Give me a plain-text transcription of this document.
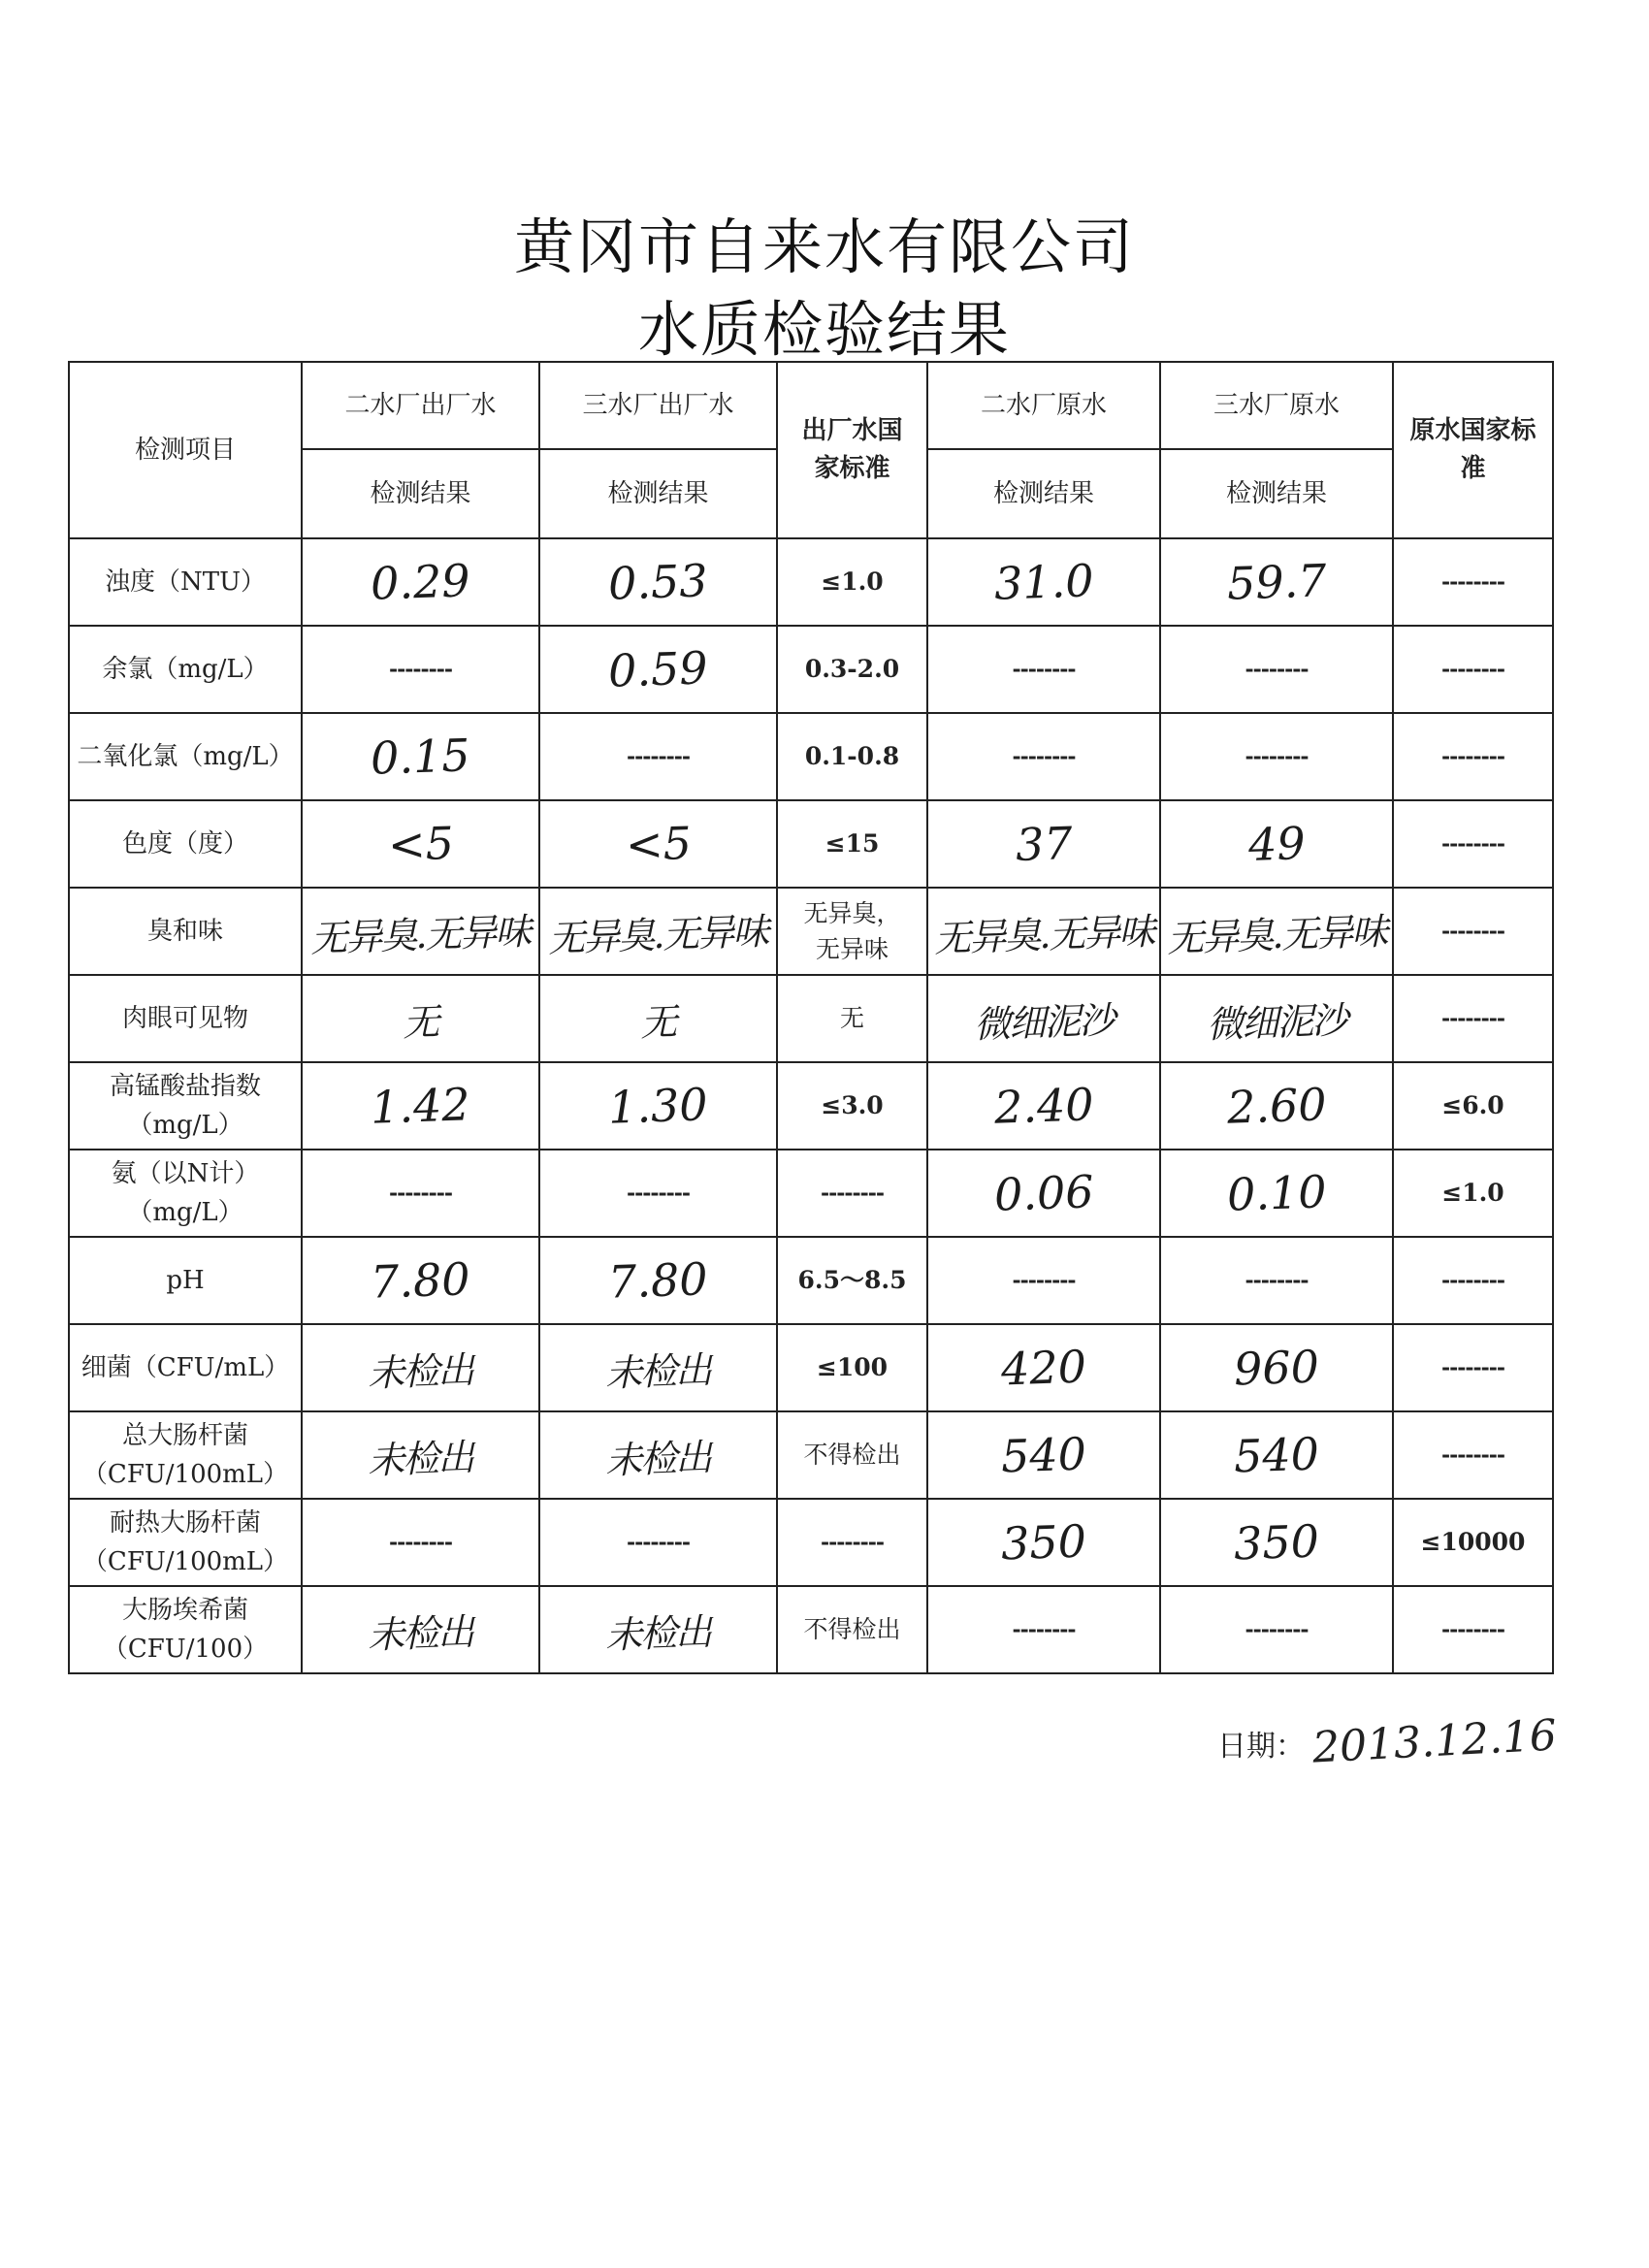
黄冈市自来水有限公司
水质检验结果
检测项目	二水厂出厂水	三水厂出厂水	出厂水国家标准	二水厂原水	三水厂原水	原水国家标准

	检测结果	检测结果		检测结果	检测结果	
浊度（NTU）	0.29	0.53	≤1.0	31.0	59.7	--------
余氯（mg/L）	--------	0.59	0.3-2.0	--------	--------	--------
二氧化氯（mg/L）	0.15	--------	0.1-0.8	--------	--------	--------
色度（度）	<5	<5	≤15	37	49	--------
臭和味	无异臭.无异味	无异臭.无异味	无异臭，无异味	无异臭.无异味	无异臭.无异味	--------
肉眼可见物	无	无	无	微细泥沙	微细泥沙	--------
高锰酸盐指数（mg/L）	1.42	1.30	≤3.0	2.40	2.60	≤6.0
氨（以N计）（mg/L）	--------	--------	--------	0.06	0.10	≤1.0
pH	7.80	7.80	6.5～8.5	--------	--------	--------
细菌（CFU/mL）	未检出	未检出	≤100	420	960	--------
总大肠杆菌（CFU/100mL）	未检出	未检出	不得检出	540	540	--------
耐热大肠杆菌（CFU/100mL）	--------	--------	--------	350	350	≤10000
大肠埃希菌（CFU/100）	未检出	未检出	不得检出	--------	--------	--------
日期： 2013.12.16
